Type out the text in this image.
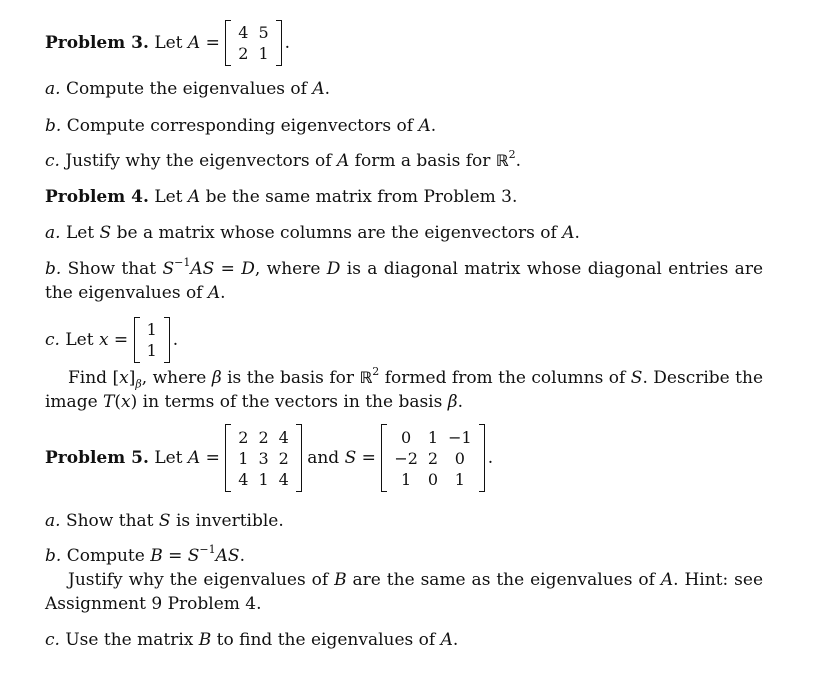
Problem 3.
Let
A =
4	5
2	1
.
a. Compute the eigenvalues of A.
b. Compute corresponding eigenvectors of A.
c. Justify why the eigenvectors of A form a basis for ℝ$^2$.
Problem 4. Let A be the same matrix from Problem 3.
a. Let S be a matrix whose columns are the eigenvectors of A.
b. Show that $S^{-1}AS = D$, where D is a diagonal matrix whose diagonal entries are the eigenvalues of A.
c.
Let
x =
1
1
.
Find $[x]_\beta$, where β is the basis for ℝ$^2$ formed from the columns of S. Describe the image T(x) in terms of the vectors in the basis β.
Problem 5.
Let
A =
2	2	4
1	3	2
4	1	4

and
S =
0	1	−1
−2	2	0
1	0	1
.
a. Show that S is invertible.
b. Compute $B = S^{-1}AS$.
Justify why the eigenvalues of B are the same as the eigenvalues of A. Hint: see Assignment 9 Problem 4.
c. Use the matrix B to find the eigenvalues of A.
